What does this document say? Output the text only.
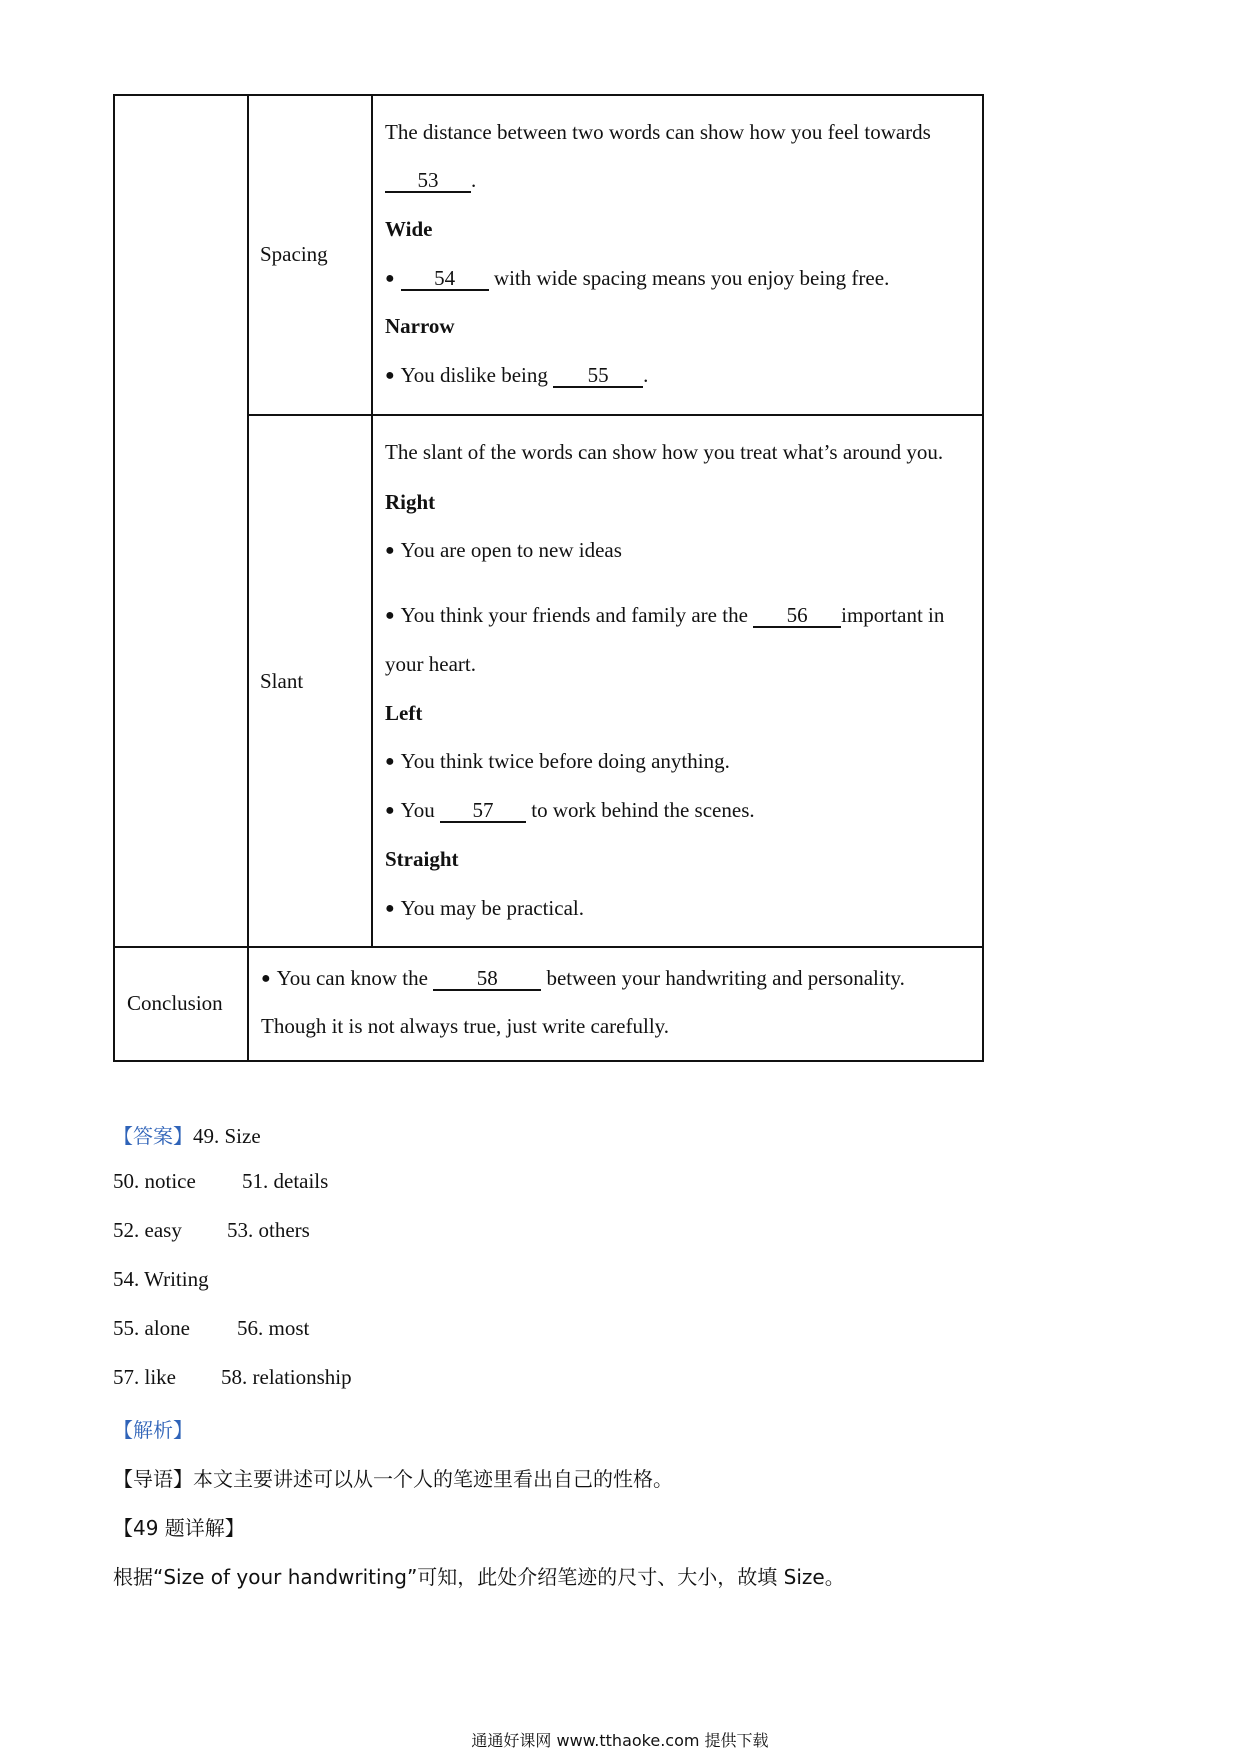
Spacing
The distance between two words can show how you feel towards
53 .
Wide
● 54 with wide spacing means you enjoy being free.
Narrow
● You dislike being 55 .
Slant
The slant of the words can show how you treat what’s around you.
Right
● You are open to new ideas
● You think your friends and family are the 56 important in
your heart.
Left
● You think twice before doing anything.
● You 57 to work behind the scenes.
Straight
● You may be practical.
Conclusion
● You can know the 58 between your handwriting and personality.
Though it is not always true, just write carefully.
【答案】49. Size
50. notice 51. details
52. easy 53. others
54. Writing
55. alone 56. most
57. like 58. relationship
【解析】
【导语】本文主要讲述可以从一个人的笔迹里看出自己的性格。
【49 题详解】
根据“Size of your handwriting”可知，此处介绍笔迹的尺寸、大小，故填 Size。
通通好课网 www.tthaoke.com 提供下载
